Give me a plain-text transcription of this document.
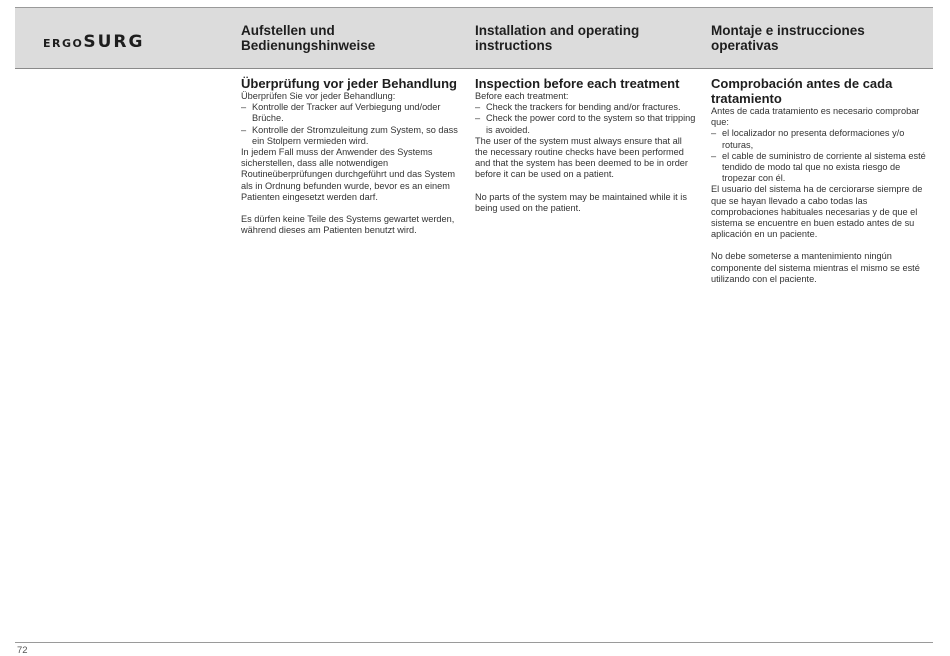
ERGOSURG
Aufstellen und
Bedienungshinweise
Installation and operating
instructions
Montaje e instrucciones
operativas
Überprüfung vor jeder Behandlung

Überprüfen Sie vor jeder Behandlung:

– Kontrolle der Tracker auf Verbiegung und/oder Brüche.
– Kontrolle der Stromzuleitung zum System, so dass ein Stolpern vermieden wird.

In jedem Fall muss der Anwender des Systems sicherstellen, dass alle notwendigen Routineüberprüfungen durchgeführt und das System als in Ordnung befunden wurde, bevor es an einem Patienten eingesetzt werden darf.

Es dürfen keine Teile des Systems gewartet werden, während dieses am Patienten benutzt wird.

Inspection before each treatment

Before each treatment:

– Check the trackers for bending and/or fractures.
– Check the power cord to the system so that tripping is avoided.

The user of the system must always ensure that all the necessary routine checks have been performed and that the system has been deemed to be in order before it can be used on a patient.

No parts of the system may be maintained while it is being used on the patient.

Comprobación antes de cada tratamiento

Antes de cada tratamiento es necesario comprobar que:

– el localizador no presenta deformaciones y/o roturas,
– el cable de suministro de corriente al sistema esté tendido de modo tal que no exista riesgo de tropezar con él.

El usuario del sistema ha de cerciorarse siempre de que se hayan llevado a cabo todas las comprobaciones habituales necesarias y de que el sistema se encuentre en buen estado antes de su aplicación en un paciente.

No debe someterse a mantenimiento ningún componente del sistema mientras el mismo se esté utilizando con el paciente.

72
